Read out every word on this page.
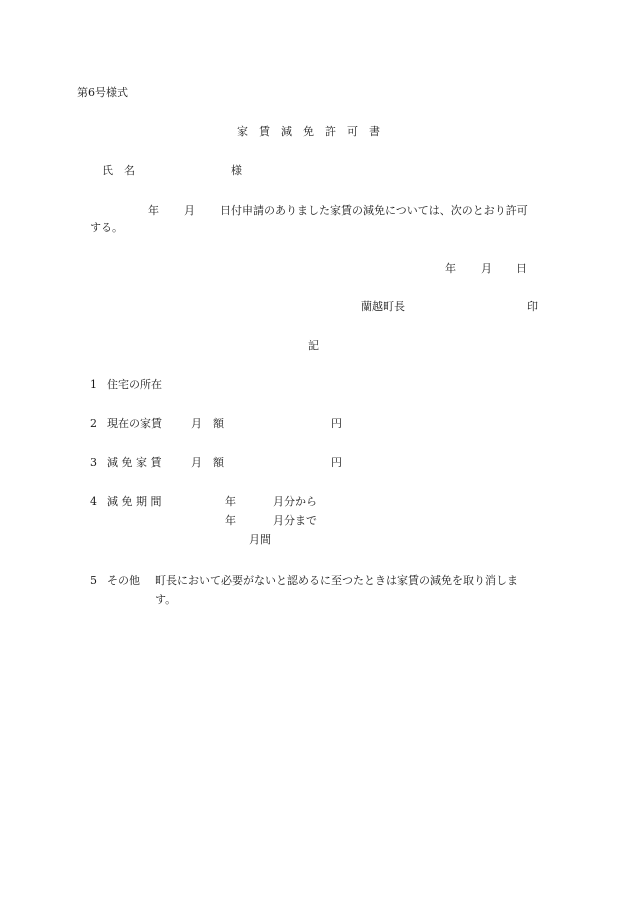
第6号様式
家 賃 減 免 許 可 書
氏 名	様
年 月 日付申請のありました家賃の減免については、次のとおり許可
する。
年 月 日
蘭越町長	印
記
1 住宅の所在
2 現在の家賃	月　額	円
3 減 免 家 賃	月　額	円
4 減 免 期 間	年	月分から
年	月分まで
月間
5 その他 町長において必要がないと認めるに至つたときは家賃の減免を取り消しま
す。
